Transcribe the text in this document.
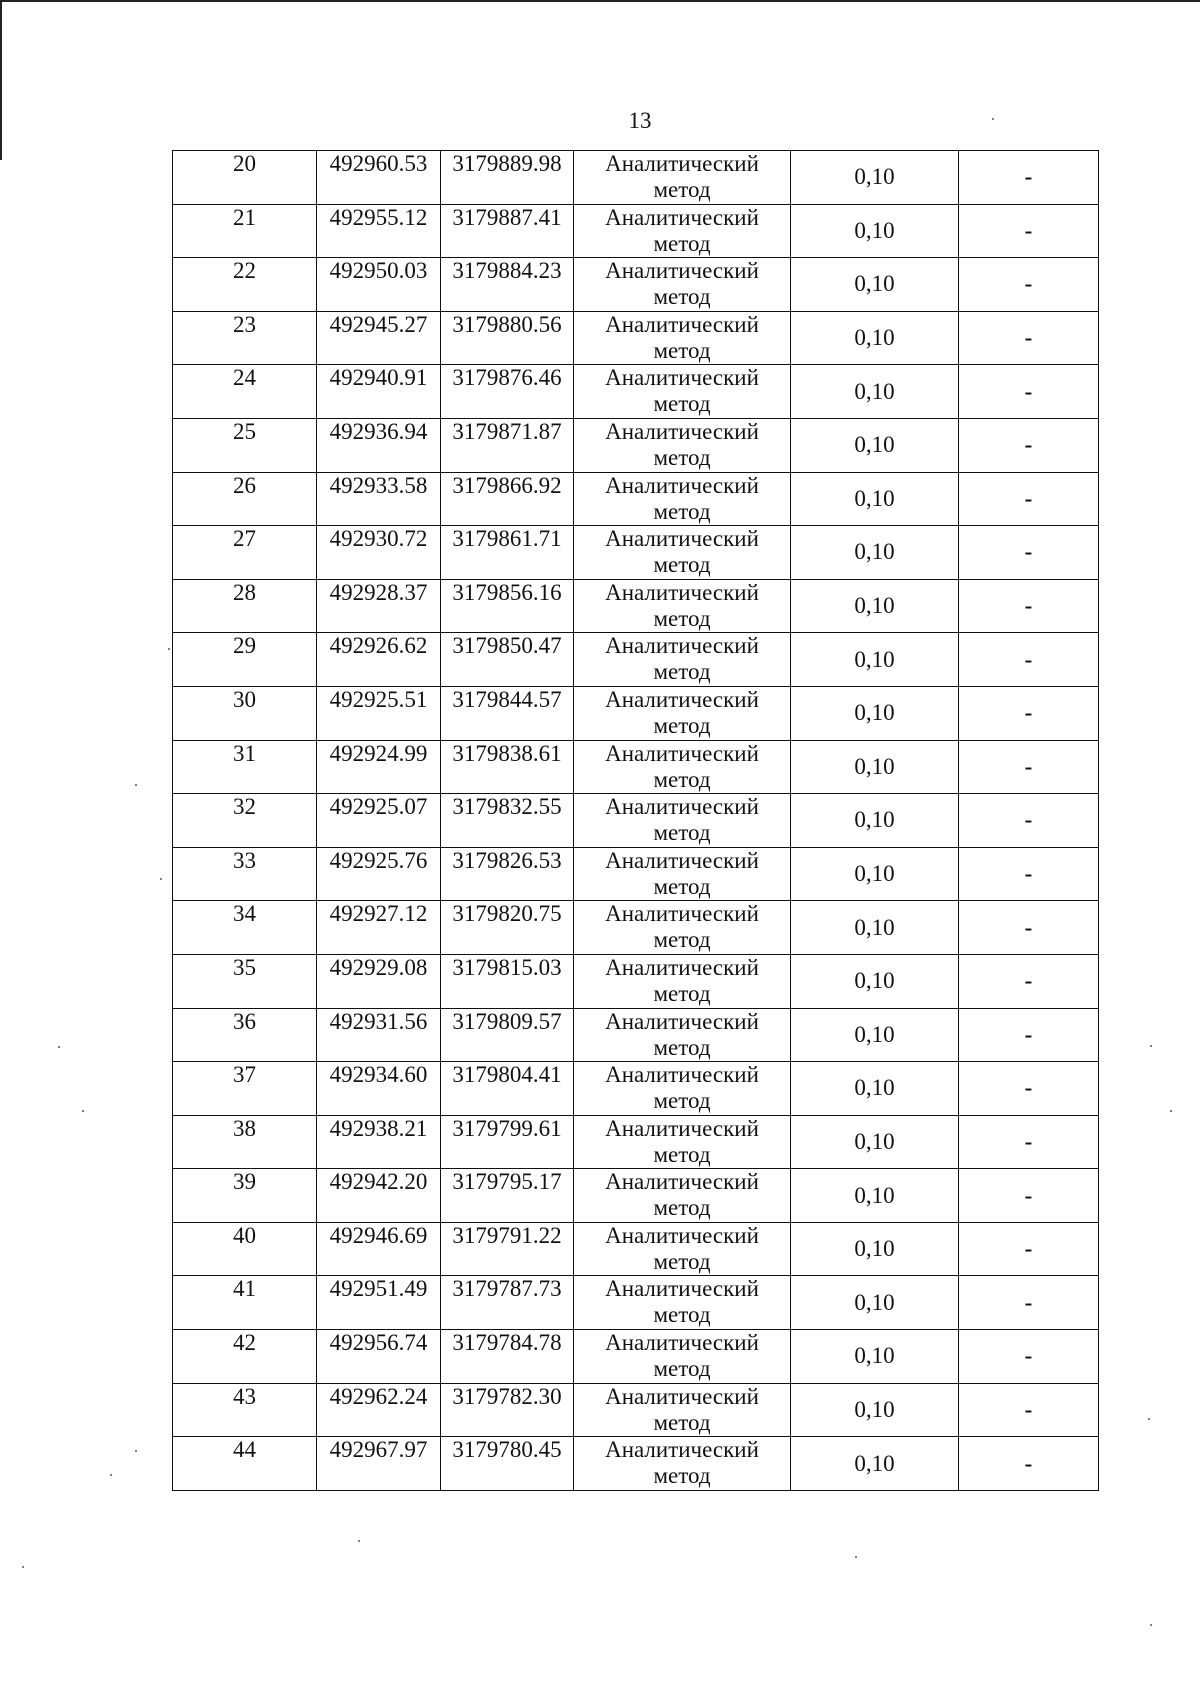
13
20	492960.53	3179889.98	Аналитический
метод	0,10	-
21	492955.12	3179887.41	Аналитический
метод	0,10	-
22	492950.03	3179884.23	Аналитический
метод	0,10	-
23	492945.27	3179880.56	Аналитический
метод	0,10	-
24	492940.91	3179876.46	Аналитический
метод	0,10	-
25	492936.94	3179871.87	Аналитический
метод	0,10	-
26	492933.58	3179866.92	Аналитический
метод	0,10	-
27	492930.72	3179861.71	Аналитический
метод	0,10	-
28	492928.37	3179856.16	Аналитический
метод	0,10	-
29	492926.62	3179850.47	Аналитический
метод	0,10	-
30	492925.51	3179844.57	Аналитический
метод	0,10	-
31	492924.99	3179838.61	Аналитический
метод	0,10	-
32	492925.07	3179832.55	Аналитический
метод	0,10	-
33	492925.76	3179826.53	Аналитический
метод	0,10	-
34	492927.12	3179820.75	Аналитический
метод	0,10	-
35	492929.08	3179815.03	Аналитический
метод	0,10	-
36	492931.56	3179809.57	Аналитический
метод	0,10	-
37	492934.60	3179804.41	Аналитический
метод	0,10	-
38	492938.21	3179799.61	Аналитический
метод	0,10	-
39	492942.20	3179795.17	Аналитический
метод	0,10	-
40	492946.69	3179791.22	Аналитический
метод	0,10	-
41	492951.49	3179787.73	Аналитический
метод	0,10	-
42	492956.74	3179784.78	Аналитический
метод	0,10	-
43	492962.24	3179782.30	Аналитический
метод	0,10	-
44	492967.97	3179780.45	Аналитический
метод	0,10	-
